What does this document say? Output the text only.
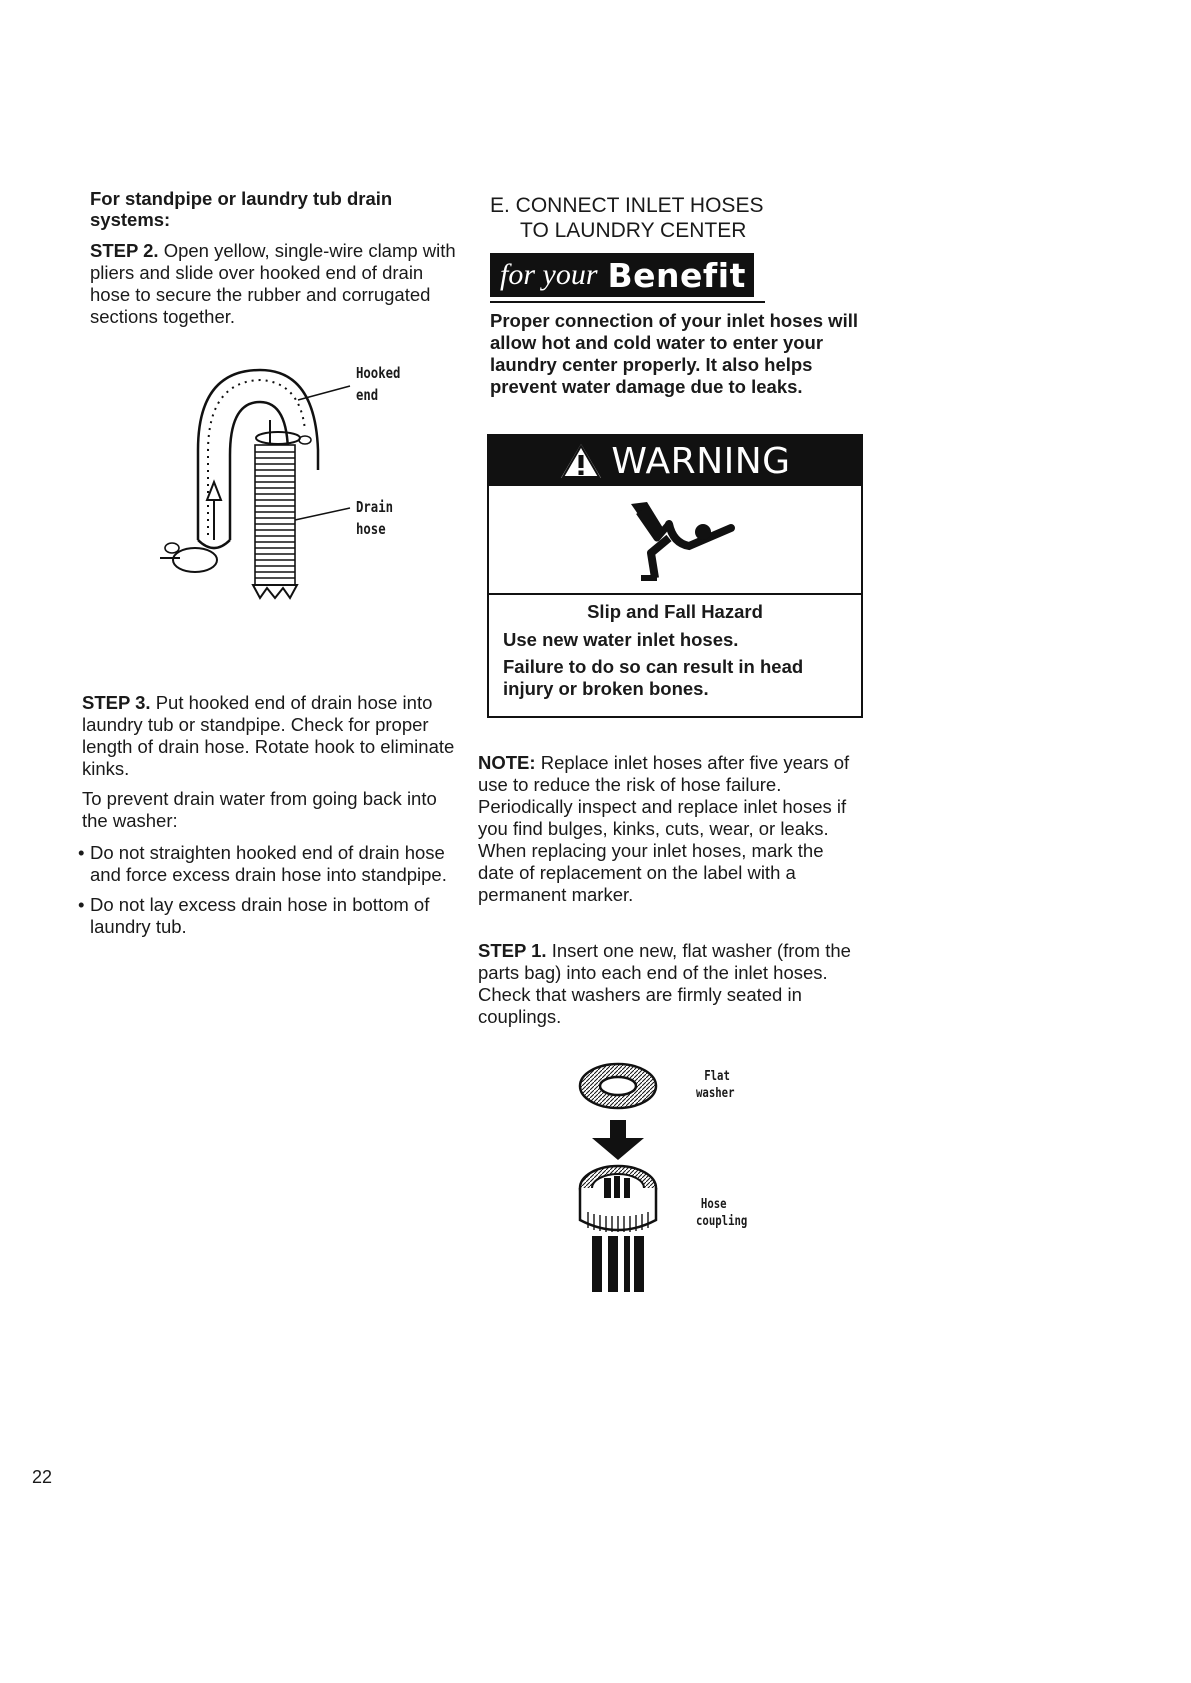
For standpipe or laundry tub drain systems:

STEP 2. Open yellow, single-wire clamp with pliers and slide over hooked end of drain hose to secure the rubber and corrugated sections together.

Hooked
end
Drain
hose

STEP 3. Put hooked end of drain hose into laundry tub or standpipe. Check for proper length of drain hose. Rotate hook to eliminate kinks.

To prevent drain water from going back into the washer:

• Do not straighten hooked end of drain hose and force excess drain hose into standpipe.
• Do not lay excess drain hose in bottom of laundry tub.
E. CONNECT INLET HOSES
TO LAUNDRY CENTER
for your Benefit

Proper connection of your inlet hoses will allow hot and cold water to enter your laundry center properly. It also helps prevent water damage due to leaks.

WARNING
Slip and Fall Hazard

Use new water inlet hoses.

Failure to do so can result in head injury or broken bones.

NOTE: Replace inlet hoses after five years of use to reduce the risk of hose failure. Periodically inspect and replace inlet hoses if you find bulges, kinks, cuts, wear, or leaks. When replacing your inlet hoses, mark the date of replacement on the label with a permanent marker.

STEP 1. Insert one new, flat washer (from the parts bag) into each end of the inlet hoses. Check that washers are firmly seated in couplings.

Flat
washer
Hose
coupling
22
